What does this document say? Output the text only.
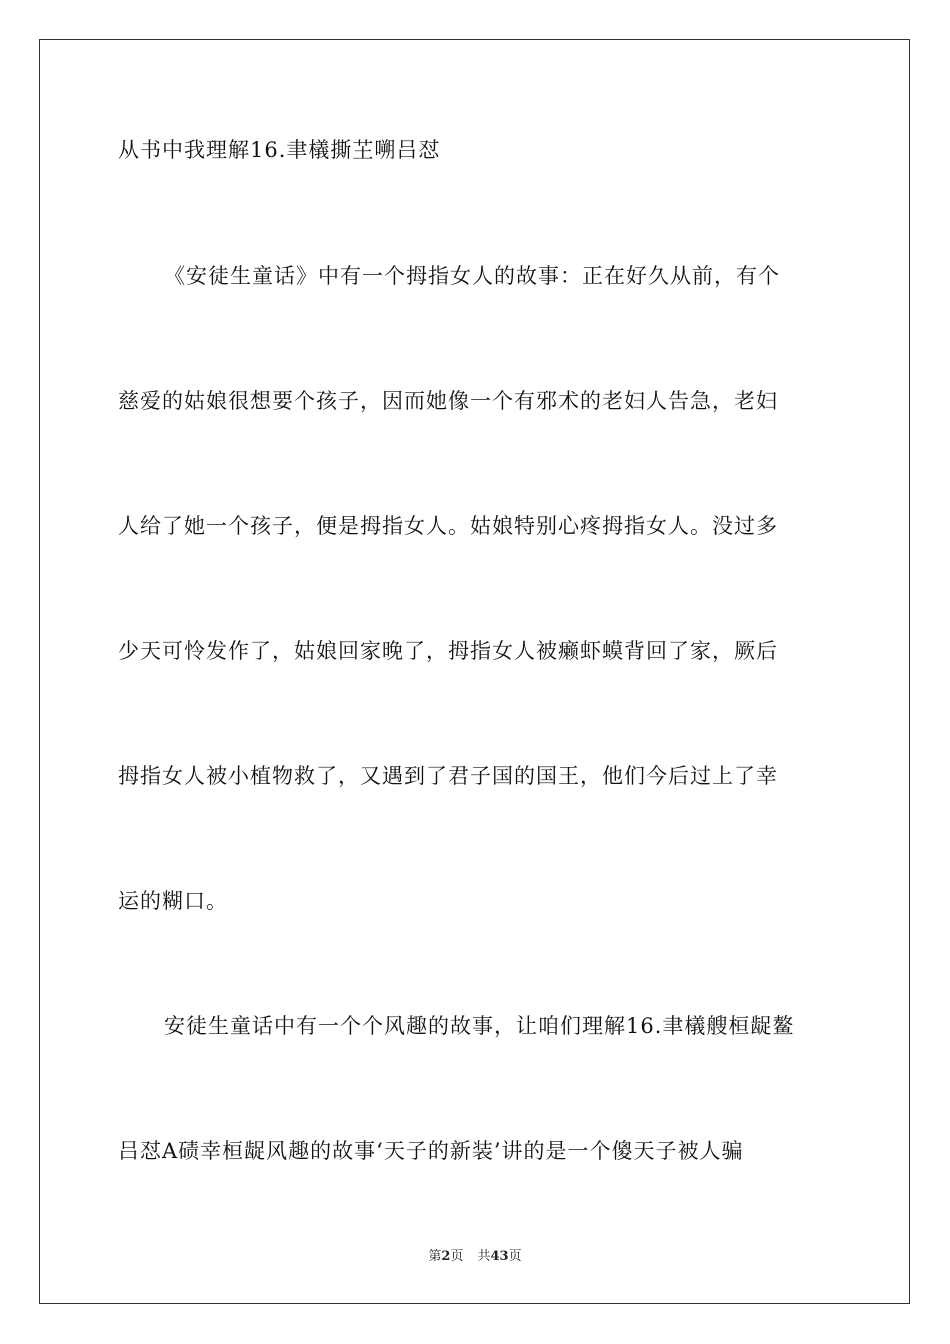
从书中我理解16.聿檥撕芏嗍吕怼
《安徒生童话》中有一个拇指女人的故事：正在好久从前，有个
慈爱的姑娘很想要个孩子，因而她像一个有邪术的老妇人告急，老妇
人给了她一个孩子，便是拇指女人。姑娘特别心疼拇指女人。没过多
少天可怜发作了，姑娘回家晚了，拇指女人被癞虾蟆背回了家，厥后
拇指女人被小植物救了，又遇到了君子国的国王，他们今后过上了幸
运的糊口。
安徒生童话中有一个个风趣的故事，让咱们理解16.聿檥艘桓龊鳌
吕怼A碛幸桓龊风趣的故事‘天子的新装’讲的是一个傻天子被人骗
第2页 共43页
